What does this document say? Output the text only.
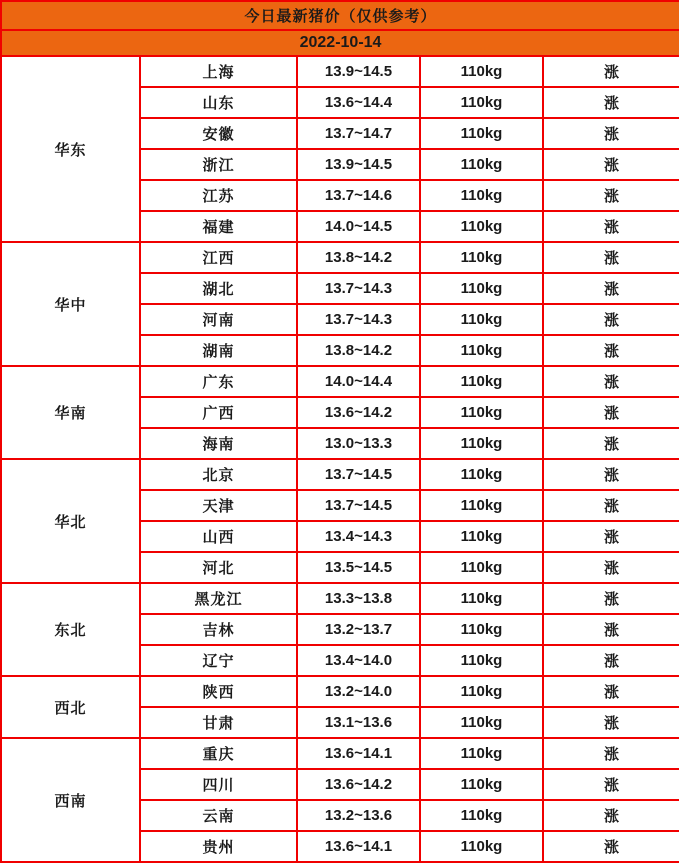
今日最新猪价（仅供参考）				
2022-10-14				
华东	上海	13.9~14.5	110kg	涨
	山东	13.6~14.4	110kg	涨
	安徽	13.7~14.7	110kg	涨
	浙江	13.9~14.5	110kg	涨
	江苏	13.7~14.6	110kg	涨
	福建	14.0~14.5	110kg	涨
华中	江西	13.8~14.2	110kg	涨
	湖北	13.7~14.3	110kg	涨
	河南	13.7~14.3	110kg	涨
	湖南	13.8~14.2	110kg	涨
华南	广东	14.0~14.4	110kg	涨
	广西	13.6~14.2	110kg	涨
	海南	13.0~13.3	110kg	涨
华北	北京	13.7~14.5	110kg	涨
	天津	13.7~14.5	110kg	涨
	山西	13.4~14.3	110kg	涨
	河北	13.5~14.5	110kg	涨
东北	黑龙江	13.3~13.8	110kg	涨
	吉林	13.2~13.7	110kg	涨
	辽宁	13.4~14.0	110kg	涨
西北	陕西	13.2~14.0	110kg	涨
	甘肃	13.1~13.6	110kg	涨
西南	重庆	13.6~14.1	110kg	涨
	四川	13.6~14.2	110kg	涨
	云南	13.2~13.6	110kg	涨
	贵州	13.6~14.1	110kg	涨
